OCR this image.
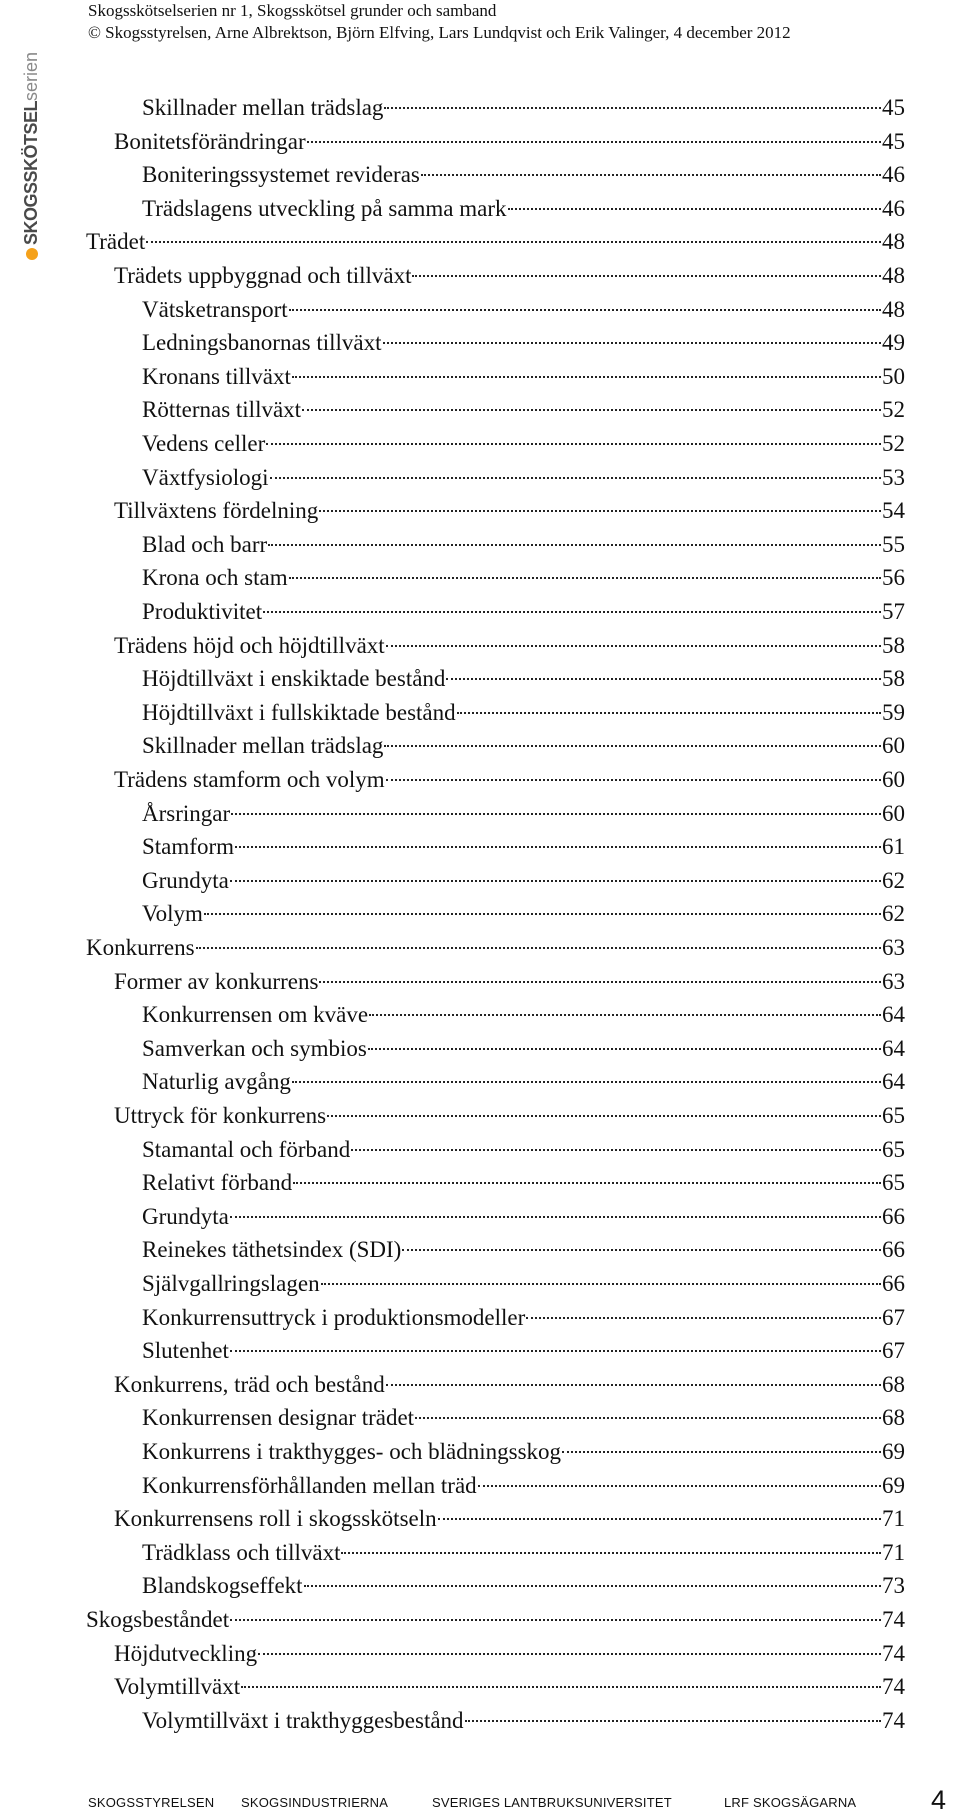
Skogsskötselserien nr 1, Skogsskötsel grunder och samband
© Skogsstyrelsen, Arne Albrektson, Björn Elfving, Lars Lundqvist och Erik Valinger, 4 december 2012
SKOGSSKÖTSELserien
Skillnader mellan trädslag	45
Bonitetsförändringar	45
Boniteringssystemet revideras	46
Trädslagens utveckling på samma mark	46
Trädet	48
Trädets uppbyggnad och tillväxt	48
Vätsketransport	48
Ledningsbanornas tillväxt	49
Kronans tillväxt	50
Rötternas tillväxt	52
Vedens celler	52
Växtfysiologi	53
Tillväxtens fördelning	54
Blad och barr	55
Krona och stam	56
Produktivitet	57
Trädens höjd och höjdtillväxt	58
Höjdtillväxt i enskiktade bestånd	58
Höjdtillväxt i fullskiktade bestånd	59
Skillnader mellan trädslag	60
Trädens stamform och volym	60
Årsringar	60
Stamform	61
Grundyta	62
Volym	62
Konkurrens	63
Former av konkurrens	63
Konkurrensen om kväve	64
Samverkan och symbios	64
Naturlig avgång	64
Uttryck för konkurrens	65
Stamantal och förband	65
Relativt förband	65
Grundyta	66
Reinekes täthetsindex (SDI)	66
Självgallringslagen	66
Konkurrensuttryck i produktionsmodeller	67
Slutenhet	67
Konkurrens, träd och bestånd	68
Konkurrensen designar trädet	68
Konkurrens i trakthygges- och blädningsskog	69
Konkurrensförhållanden mellan träd	69
Konkurrensens roll i skogsskötseln	71
Trädklass och tillväxt	71
Blandskogseffekt	73
Skogsbeståndet	74
Höjdutveckling	74
Volymtillväxt	74
Volymtillväxt i trakthyggesbestånd	74
4
SKOGSSTYRELSEN SKOGSINDUSTRIERNA	SVERIGES LANTBRUKSUNIVERSITET	LRF SKOGSÄGARNA
